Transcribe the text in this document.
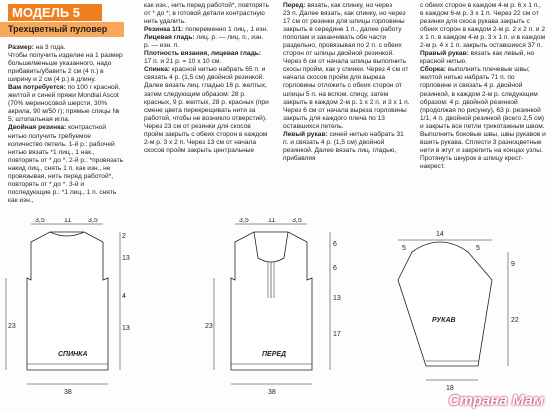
МОДЕЛЬ 5
Трехцветный пуловер

Размер: на 3 года.

Чтобы получить изделие на 1 размер больше/меньше указанного, надо прибавить/убавить 2 см (4 п.) в ширину и 2 см (4 р.) в длину.

Вам потребуется: по 100 г красной, желтой и синей пряжи Mondial Ascot (70% мериносовой шерсти, 30% акрила, 90 м/50 г); прямые спицы № 5; штопальная игла.

Двойная резинка: контрастной нитью получить требуемое количество петель. 1-й р.: рабочей нитью вязать *1 лиц., 1 нак., повторять от * до *. 2-й р.: *провязать накид лиц., снять 1 п. как изн., не провязывая, нить перед работой*, повторять от * до *. 3-й и последующие р.: *1 лиц., 1 п. снять как изн.,

как изн., нить перед работой*, повторять от * до *; в готовой детали контрастную нить удалить.

Резинка 1/1: попеременно 1 лиц., 1 изн.

Лицевая гладь: лиц. р. — лиц. п., изн. р. — изн. п.

Плотность вязания, лицевая гладь: 17 п. и 21 р. = 10 х 10 см.

Спинка: красной нитью набрать 65 п. и связать 4 р. (1,5 см) двойной резинкой. Далее вязать лиц. гладью 16 р. желтых, затем следующим образом: 28 р. красных, 9 р. желтых, 28 р. красных (при смене цвета перекрещивать нити за работой, чтобы не возникло отверстий). Через 23 см от резинки для скосов пройм закрыть с обеих сторон в каждом 2-м р. 3 х 2 п. Через 13 см от начала скосов пройм закрыть центральные

Перед: вязать, как спинку, но через

23 п. Далее вязать, как спинку, но через 17 см от резинки для шпицы горловины закрыть в середине 1 п., далее работу пополам и заканчивать обе части раздельно, провязывая по 2 п. с обеих сторон от шпицы двойной резинкой. Через 6 см от начала шпицы выполнить скосы пройм, как у спинки. Через 4 см от начала скосов пройм для выреза горловины отложить с обеих сторон от шпицы 5 п. на вспом. спицу, затем закрыть в каждом 2-м р. 1 х 2 п. и 3 х 1 п. Через 6 см от начала выреза горловины закрыть для каждого плеча по 13 оставшихся петель.

Левый рукав: синей нитью набрать 31 п. и связать 4 р. (1,5 см) двойной резинкой. Далее вязать лиц. гладью, прибавляя

с обеих сторон в каждом 4-м р. 6 х 1 п., в каждом 6-м р. 3 х 1 п. Через 22 см от резинки для скоса рукава закрыть с обеих сторон в каждом 2-м р. 2 х 2 п. и 2 х 1 п. в каждом 4-м р. 3 х 1 п. и в каждом 2-м р. 4 х 1 п. закрыть оставшиеся 37 п.

Правый рукав: вязать как левый, но красной нитью.

Сборка: выполнить плечевые швы; желтой нитью набрать 71 п. по горловине и связать 4 р. двойной резинкой, в каждом 2-м р. следующим образом: 4 р. двойной резинкой (продолжая по рисунку), 63 р. резинкой 1/1, 4 п. двойной резинкой (всего 2,5 см) и закрыть все петли трикотажным швом. Выполнить боковые швы, швы рукавов и вшить рукава. Сплести 3 разноцветные нити в жгут и закрепить на концах узлы. Протянуть шнурок в шпицу крест-накрест.

СПИНКА
3,5	11 3,5
23
2
13
4
13
38
ПЕРЕД
3,5	11 3,5
23
6
6
13
17
38
РУКАВ
5
14
5
9
22
18
Страна Мам
